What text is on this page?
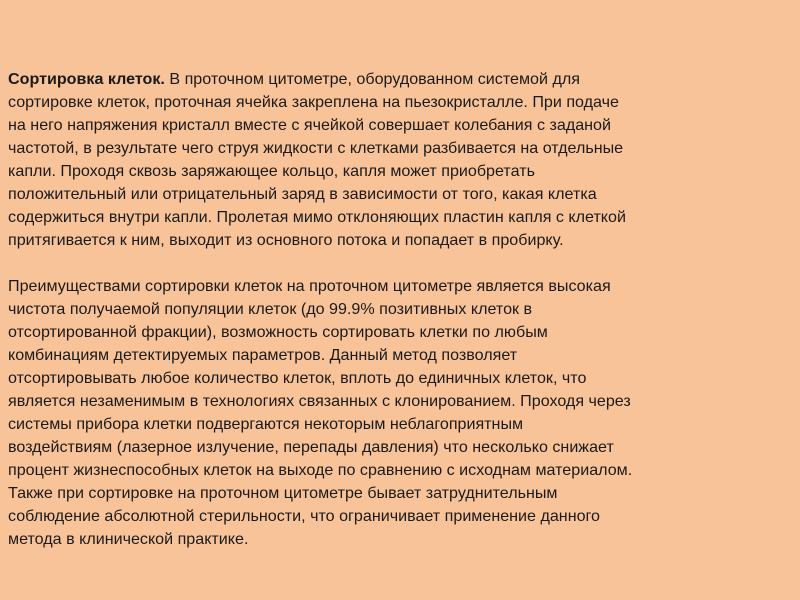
Сортировка клеток. В проточном цитометре, оборудованном системой для
сортировке клеток, проточная ячейка закреплена на пьезокристалле. При подаче
на него напряжения кристалл вместе с ячейкой совершает колебания с заданой
частотой, в результате чего струя жидкости с клетками разбивается на отдельные
капли. Проходя сквозь заряжающее кольцо, капля может приобретать
положительный или отрицательный заряд в зависимости от того, какая клетка
содержиться внутри капли. Пролетая мимо отклоняющих пластин капля с клеткой
притягивается к ним, выходит из основного потока и попадает в пробирку.

Преимуществами сортировки клеток на проточном цитометре является высокая
чистота получаемой популяции клеток (до 99.9% позитивных клеток в
отсортированной фракции), возможность сортировать клетки по любым
комбинациям детектируемых параметров. Данный метод позволяет
отсортировывать любое количество клеток, вплоть до единичных клеток, что
является незаменимым в технологиях связанных с клонированием. Проходя через
системы прибора клетки подвергаются некоторым неблагоприятным
воздействиям (лазерное излучение, перепады давления) что несколько снижает
процент жизнеспособных клеток на выходе по сравнению с исходнам материалом.
Также при сортировке на проточном цитометре бывает затруднительным
соблюдение абсолютной стерильности, что ограничивает применение данного
метода в клинической практике.
